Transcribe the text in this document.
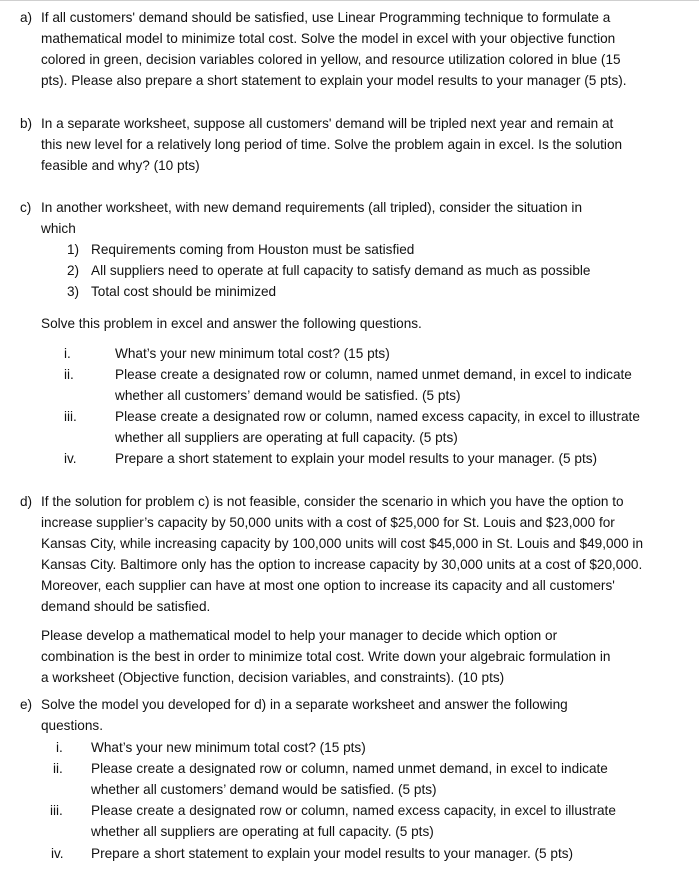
a) If all customers' demand should be satisfied, use Linear Programming technique to formulate a
mathematical model to minimize total cost. Solve the model in excel with your objective function
colored in green, decision variables colored in yellow, and resource utilization colored in blue (15
pts). Please also prepare a short statement to explain your model results to your manager (5 pts).
b) In a separate worksheet, suppose all customers' demand will be tripled next year and remain at
this new level for a relatively long period of time. Solve the problem again in excel. Is the solution
feasible and why? (10 pts)
c) In another worksheet, with new demand requirements (all tripled), consider the situation in
which
1) Requirements coming from Houston must be satisfied
2) All suppliers need to operate at full capacity to satisfy demand as much as possible
3) Total cost should be minimized
Solve this problem in excel and answer the following questions.
i.	What’s your new minimum total cost? (15 pts)
ii.	Please create a designated row or column, named unmet demand, in excel to indicate
whether all customers’ demand would be satisfied. (5 pts)
iii.	Please create a designated row or column, named excess capacity, in excel to illustrate
whether all suppliers are operating at full capacity. (5 pts)
iv.	Prepare a short statement to explain your model results to your manager. (5 pts)
d) If the solution for problem c) is not feasible, consider the scenario in which you have the option to
increase supplier’s capacity by 50,000 units with a cost of $25,000 for St. Louis and $23,000 for
Kansas City, while increasing capacity by 100,000 units will cost $45,000 in St. Louis and $49,000 in
Kansas City. Baltimore only has the option to increase capacity by 30,000 units at a cost of $20,000.
Moreover, each supplier can have at most one option to increase its capacity and all customers'
demand should be satisfied.
Please develop a mathematical model to help your manager to decide which option or
combination is the best in order to minimize total cost. Write down your algebraic formulation in
a worksheet (Objective function, decision variables, and constraints). (10 pts)
e) Solve the model you developed for d) in a separate worksheet and answer the following
questions.
i. What’s your new minimum total cost? (15 pts)
ii. Please create a designated row or column, named unmet demand, in excel to indicate
whether all customers’ demand would be satisfied. (5 pts)
iii. Please create a designated row or column, named excess capacity, in excel to illustrate
whether all suppliers are operating at full capacity. (5 pts)
iv. Prepare a short statement to explain your model results to your manager. (5 pts)
